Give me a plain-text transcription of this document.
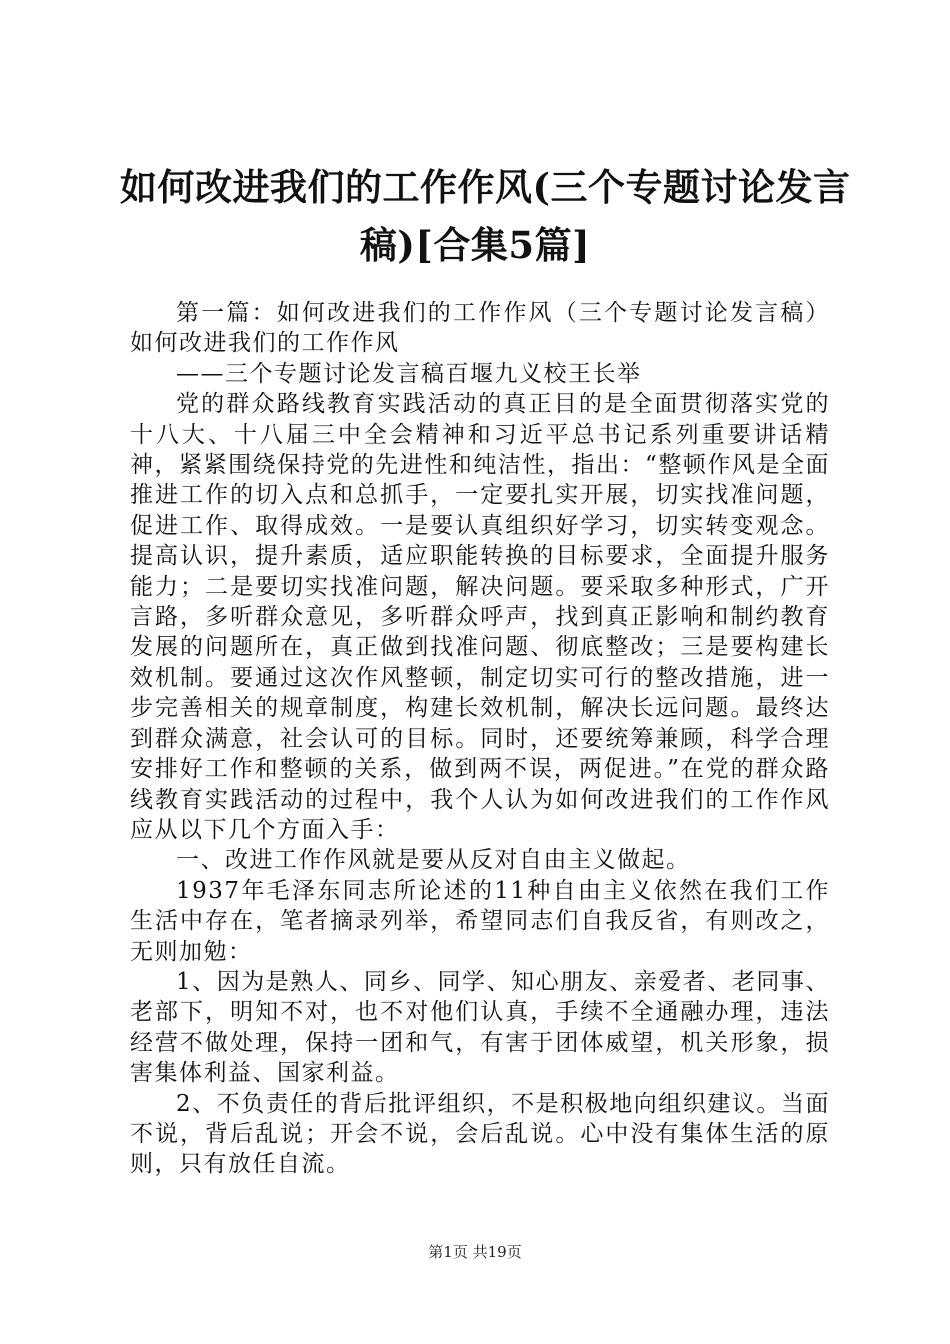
如何改进我们的工作作风(三个专题讨论发言
稿)[合集5篇]

第一篇：如何改进我们的工作作风（三个专题讨论发言稿）如何改进我们的工作作风

——三个专题讨论发言稿百堰九义校王长举

党的群众路线教育实践活动的真正目的是全面贯彻落实党的十八大、十八届三中全会精神和习近平总书记系列重要讲话精神，紧紧围绕保持党的先进性和纯洁性，指出：“整顿作风是全面推进工作的切入点和总抓手，一定要扎实开展，切实找准问题，促进工作、取得成效。一是要认真组织好学习，切实转变观念。提高认识，提升素质，适应职能转换的目标要求，全面提升服务能力；二是要切实找准问题，解决问题。要采取多种形式，广开言路，多听群众意见，多听群众呼声，找到真正影响和制约教育发展的问题所在，真正做到找准问题、彻底整改；三是要构建长效机制。要通过这次作风整顿，制定切实可行的整改措施，进一步完善相关的规章制度，构建长效机制，解决长远问题。最终达到群众满意，社会认可的目标。同时，还要统筹兼顾，科学合理安排好工作和整顿的关系，做到两不误，两促进。”在党的群众路线教育实践活动的过程中，我个人认为如何改进我们的工作作风应从以下几个方面入手：

一、改进工作作风就是要从反对自由主义做起。

1937年毛泽东同志所论述的11种自由主义依然在我们工作生活中存在，笔者摘录列举，希望同志们自我反省，有则改之，无则加勉：

1、因为是熟人、同乡、同学、知心朋友、亲爱者、老同事、老部下，明知不对，也不对他们认真，手续不全通融办理，违法经营不做处理，保持一团和气，有害于团体威望，机关形象，损害集体利益、国家利益。

2、不负责任的背后批评组织，不是积极地向组织建议。当面不说，背后乱说；开会不说，会后乱说。心中没有集体生活的原则，只有放任自流。

第1页 共19页
